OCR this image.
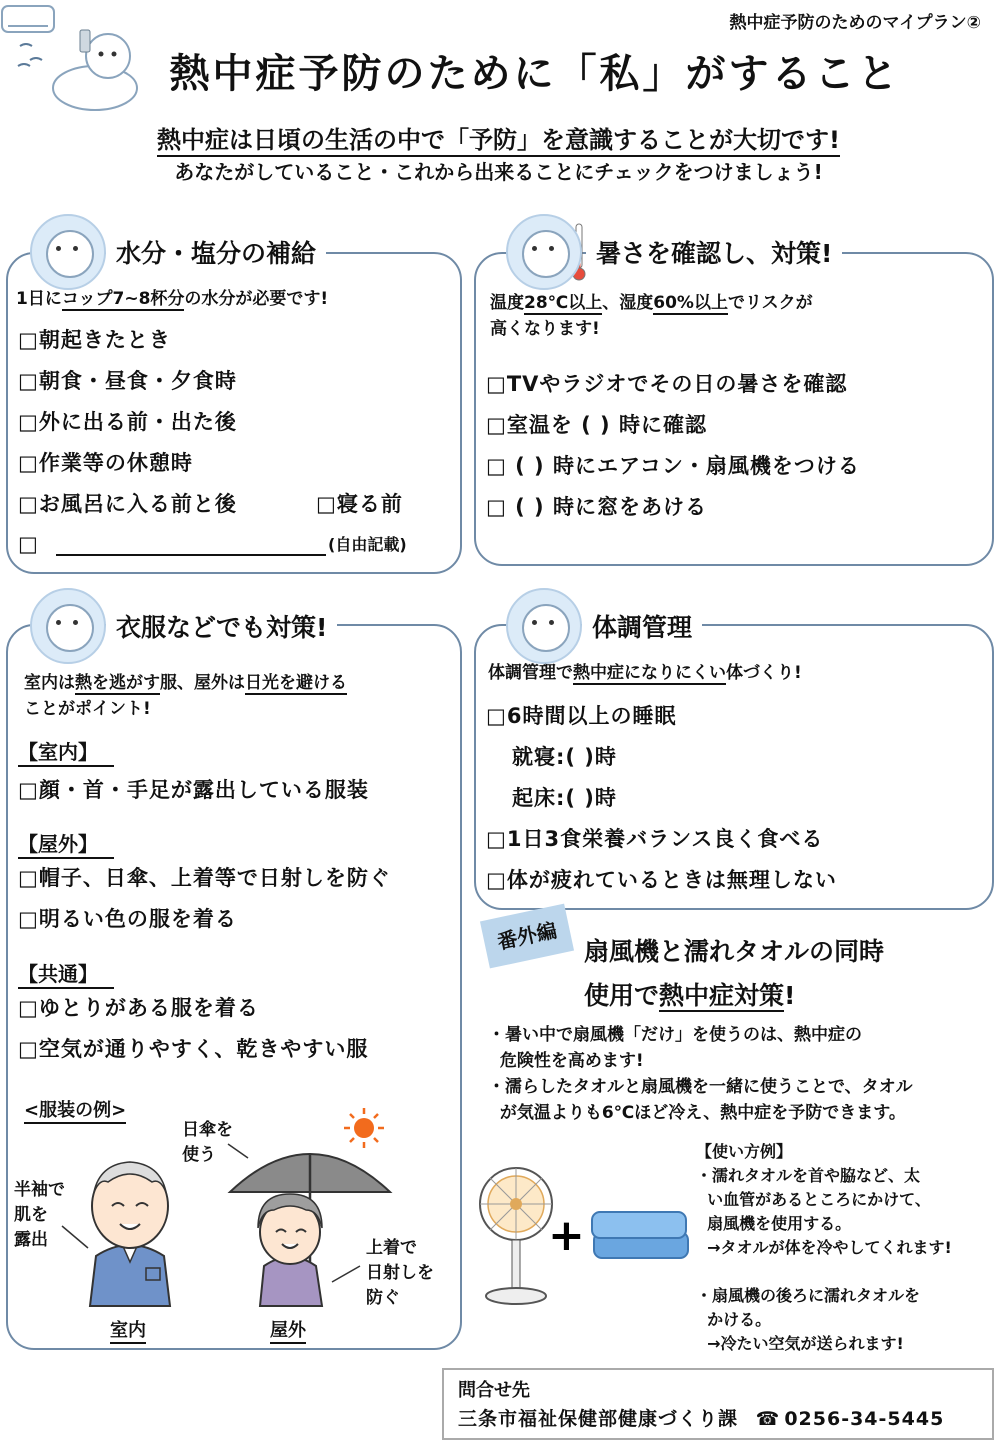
熱中症予防のためのマイプラン②
熱中症予防のために「私」がすること
熱中症は日頃の生活の中で「予防」を意識することが大切です!
あなたがしていること・これから出来ることにチェックをつけましょう!
水分・塩分の補給
1日にコップ7~8杯分の水分が必要です!
□朝起きたとき
□朝食・昼食・夕食時
□外に出る前・出た後
□作業等の休憩時
□お風呂に入る前と後	□寝る前
□	(自由記載)
暑さを確認し、対策!
温度28℃以上、湿度60%以上でリスクが
高くなります!
□TVやラジオでその日の暑さを確認
□室温を ( ) 時に確認
□ ( ) 時にエアコン・扇風機をつける
□ ( ) 時に窓をあける
衣服などでも対策!
室内は熱を逃がす服、屋外は日光を避ける
ことがポイント!
【室内】
□顔・首・手足が露出している服装
【屋外】
□帽子、日傘、上着等で日射しを防ぐ
□明るい色の服を着る
【共通】
□ゆとりがある服を着る
□空気が通りやすく、乾きやすい服
<服装の例>
半袖で
肌を
露出
日傘を
使う
上着で
日射しを
防ぐ
室内	屋外
体調管理
体調管理で熱中症になりにくい体づくり!
□6時間以上の睡眠
就寝:( )時
起床:( )時
□1日3食栄養バランス良く食べる
□体が疲れているときは無理しない
番外編	扇風機と濡れタオルの同時
使用で熱中症対策!
・暑い中で扇風機「だけ」を使うのは、熱中症の
危険性を高めます!
・濡らしたタオルと扇風機を一緒に使うことで、タオル
が気温よりも6℃ほど冷え、熱中症を予防できます。
+
【使い方例】
・濡れタオルを首や脇など、太
い血管があるところにかけて、
扇風機を使用する。
→タオルが体を冷やしてくれます!
・扇風機の後ろに濡れタオルを
かける。
→冷たい空気が送られます!
問合せ先
三条市福祉保健部健康づくり課 ☎ 0256-34-5445
